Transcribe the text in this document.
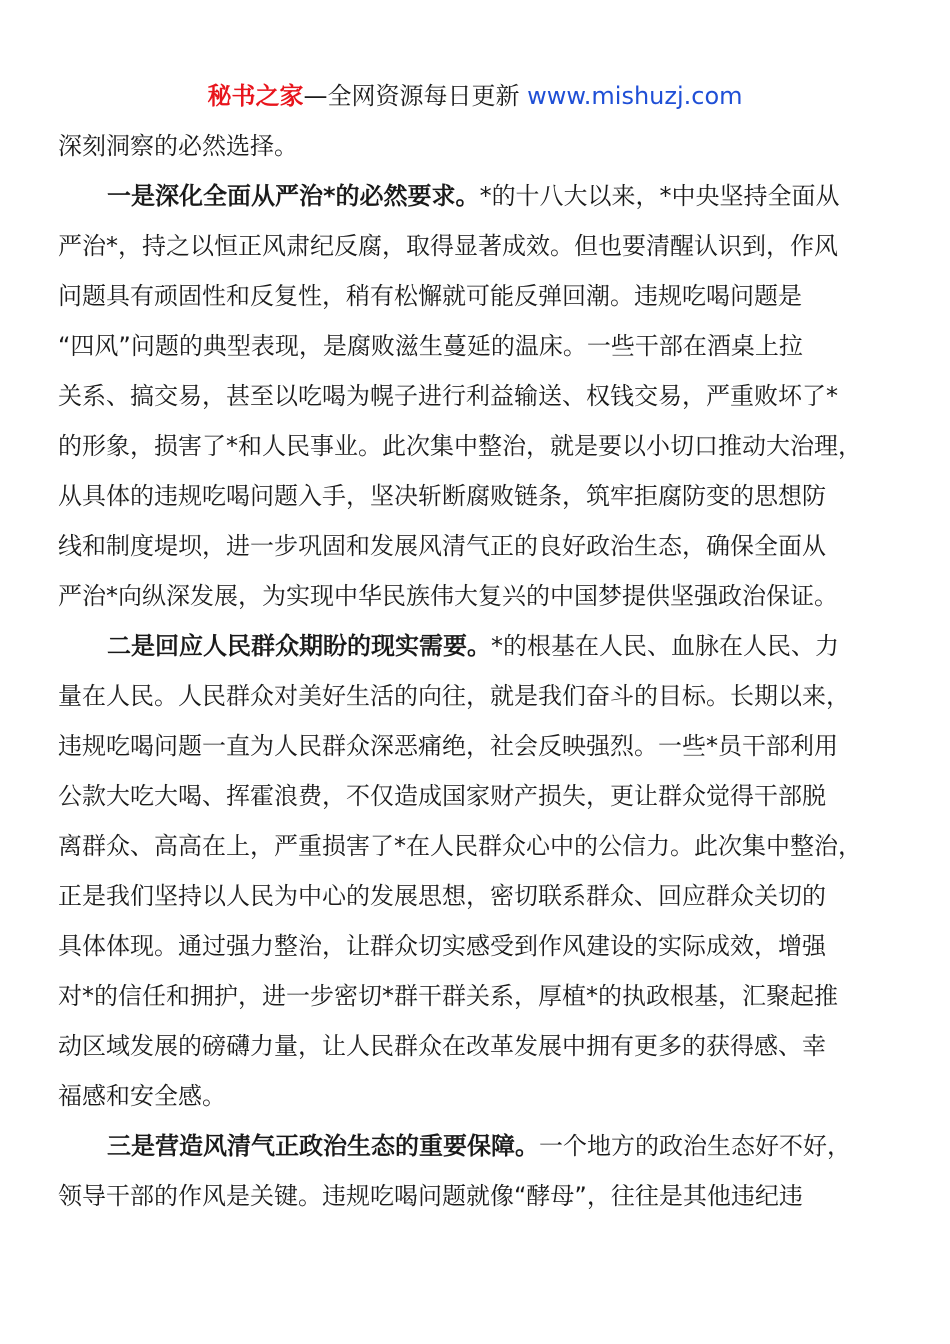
秘书之家—全网资源每日更新 www.mishuzj.com
深刻洞察的必然选择。
一是深化全面从严治*的必然要求。*的十八大以来，*中央坚持全面从
严治*，持之以恒正风肃纪反腐，取得显著成效。但也要清醒认识到，作风
问题具有顽固性和反复性，稍有松懈就可能反弹回潮。违规吃喝问题是
“四风”问题的典型表现，是腐败滋生蔓延的温床。一些干部在酒桌上拉
关系、搞交易，甚至以吃喝为幌子进行利益输送、权钱交易，严重败坏了*
的形象，损害了*和人民事业。此次集中整治，就是要以小切口推动大治理，
从具体的违规吃喝问题入手，坚决斩断腐败链条，筑牢拒腐防变的思想防
线和制度堤坝，进一步巩固和发展风清气正的良好政治生态，确保全面从
严治*向纵深发展，为实现中华民族伟大复兴的中国梦提供坚强政治保证。
二是回应人民群众期盼的现实需要。*的根基在人民、血脉在人民、力
量在人民。人民群众对美好生活的向往，就是我们奋斗的目标。长期以来，
违规吃喝问题一直为人民群众深恶痛绝，社会反映强烈。一些*员干部利用
公款大吃大喝、挥霍浪费，不仅造成国家财产损失，更让群众觉得干部脱
离群众、高高在上，严重损害了*在人民群众心中的公信力。此次集中整治，
正是我们坚持以人民为中心的发展思想，密切联系群众、回应群众关切的
具体体现。通过强力整治，让群众切实感受到作风建设的实际成效，增强
对*的信任和拥护，进一步密切*群干群关系，厚植*的执政根基，汇聚起推
动区域发展的磅礴力量，让人民群众在改革发展中拥有更多的获得感、幸
福感和安全感。
三是营造风清气正政治生态的重要保障。一个地方的政治生态好不好，
领导干部的作风是关键。违规吃喝问题就像“酵母”，往往是其他违纪违
